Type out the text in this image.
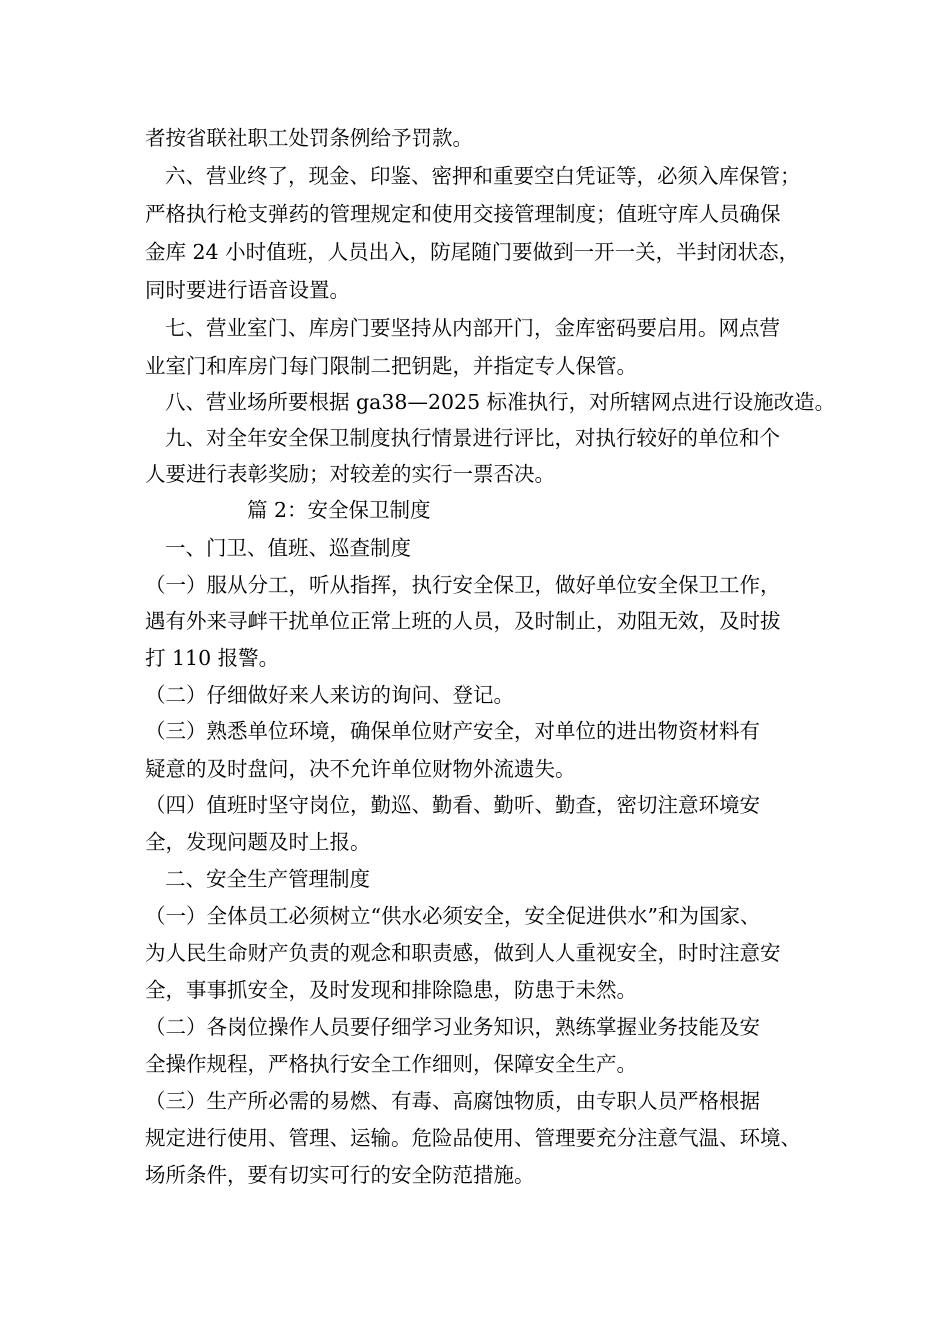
者按省联社职工处罚条例给予罚款。
六、营业终了，现金、印鉴、密押和重要空白凭证等，必须入库保管；
严格执行枪支弹药的管理规定和使用交接管理制度；值班守库人员确保
金库 24 小时值班，人员出入，防尾随门要做到一开一关，半封闭状态，
同时要进行语音设置。
七、营业室门、库房门要坚持从内部开门，金库密码要启用。网点营
业室门和库房门每门限制二把钥匙，并指定专人保管。
八、营业场所要根据 ga38—2025 标准执行，对所辖网点进行设施改造。
九、对全年安全保卫制度执行情景进行评比，对执行较好的单位和个
人要进行表彰奖励；对较差的实行一票否决。
篇 2：安全保卫制度
一、门卫、值班、巡查制度
（一）服从分工，听从指挥，执行安全保卫，做好单位安全保卫工作，
遇有外来寻衅干扰单位正常上班的人员，及时制止，劝阻无效，及时拔
打 110 报警。
（二）仔细做好来人来访的询问、登记。
（三）熟悉单位环境，确保单位财产安全，对单位的进出物资材料有
疑意的及时盘问，决不允许单位财物外流遗失。
（四）值班时坚守岗位，勤巡、勤看、勤听、勤查，密切注意环境安
全，发现问题及时上报。
二、安全生产管理制度
（一）全体员工必须树立“供水必须安全，安全促进供水”和为国家、
为人民生命财产负责的观念和职责感，做到人人重视安全，时时注意安
全，事事抓安全，及时发现和排除隐患，防患于未然。
（二）各岗位操作人员要仔细学习业务知识，熟练掌握业务技能及安
全操作规程，严格执行安全工作细则，保障安全生产。
（三）生产所必需的易燃、有毒、高腐蚀物质，由专职人员严格根据
规定进行使用、管理、运输。危险品使用、管理要充分注意气温、环境、
场所条件，要有切实可行的安全防范措施。
